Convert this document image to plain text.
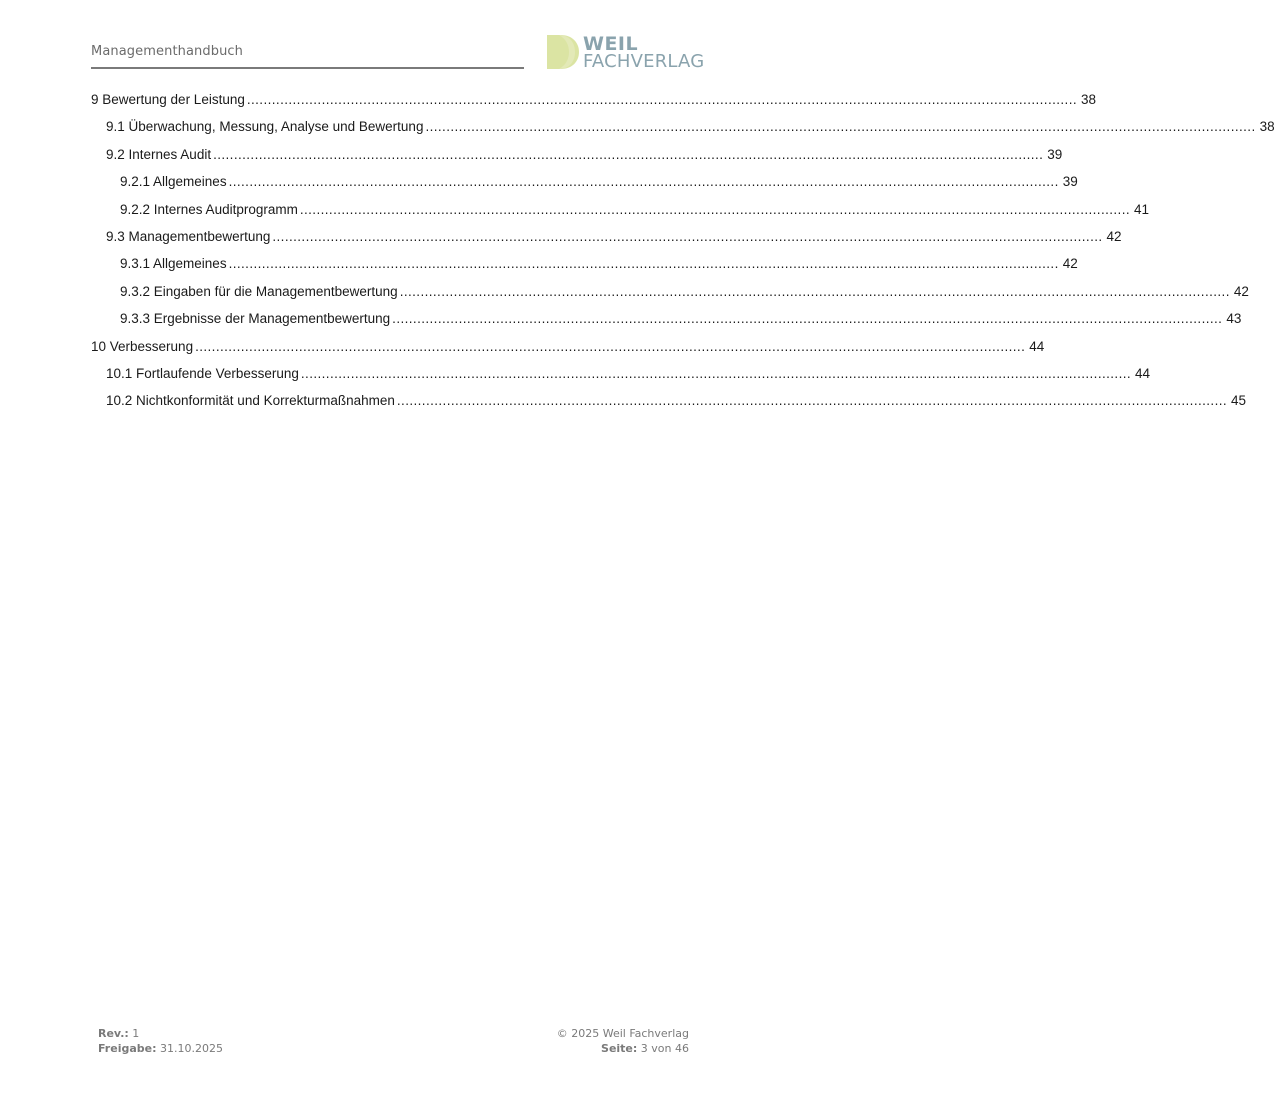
Managementhandbuch	WEIL
FACHVERLAG
9 Bewertung der Leistung ........................................................................................................................................................................................................ 38
9.1 Überwachung, Messung, Analyse und Bewertung ........................................................................................................................................................................................................ 38
9.2 Internes Audit ........................................................................................................................................................................................................ 39
9.2.1 Allgemeines ........................................................................................................................................................................................................ 39
9.2.2 Internes Auditprogramm ........................................................................................................................................................................................................ 41
9.3 Managementbewertung ........................................................................................................................................................................................................ 42
9.3.1 Allgemeines ........................................................................................................................................................................................................ 42
9.3.2 Eingaben für die Managementbewertung ........................................................................................................................................................................................................ 42
9.3.3 Ergebnisse der Managementbewertung ........................................................................................................................................................................................................ 43
10 Verbesserung ........................................................................................................................................................................................................ 44
10.1 Fortlaufende Verbesserung ........................................................................................................................................................................................................ 44
10.2 Nichtkonformität und Korrekturmaßnahmen ........................................................................................................................................................................................................ 45
Rev.: 1
Freigabe: 31.10.2025
© 2025 Weil Fachverlag
Seite: 3 von 46
